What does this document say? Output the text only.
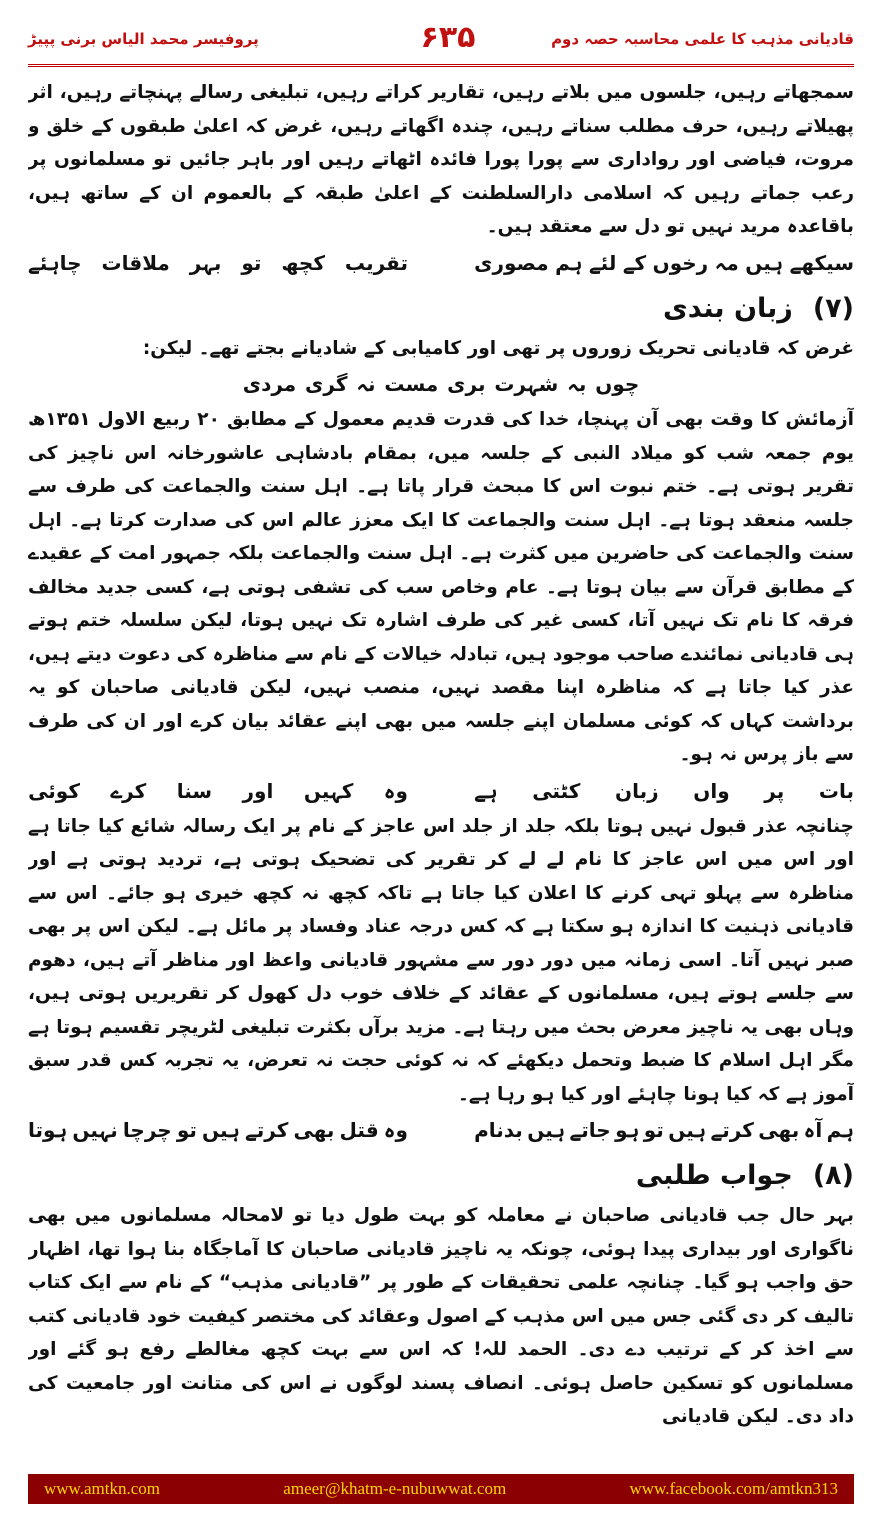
پروفیسر محمد الیاس برنی پپیڑ	۶۳۵	قادیانی مذہب کا علمی محاسبہ حصہ دوم

سمجھاتے رہیں، جلسوں میں بلاتے رہیں، تقاریر کراتے رہیں، تبلیغی رسالے پہنچاتے رہیں، اثر پھیلاتے رہیں، حرف مطلب سناتے رہیں، چندہ اگھاتے رہیں، غرض کہ اعلیٰ طبقوں کے خلق و مروت، فیاضی اور رواداری سے پورا پورا فائدہ اٹھاتے رہیں اور باہر جائیں تو مسلمانوں پر رعب جماتے رہیں کہ اسلامی دارالسلطنت کے اعلیٰ طبقہ کے بالعموم ان کے ساتھ ہیں، باقاعدہ مرید نہیں تو دل سے معتقد ہیں۔

سیکھے
ہیں
مہ
رخوں
کے
لئے
ہم
مصوری
تقریب
کچھ
تو
بہر
ملاقات
چاہئے
(۷)زبان بندی

غرض کہ قادیانی تحریک زوروں پر تھی اور کامیابی کے شادیانے بجتے تھے۔ لیکن:

چوں
بہ
شہرت
بری
مست
نہ
گری
مردی

آزمائش کا وقت بھی آن پہنچا، خدا کی قدرت قدیم معمول کے مطابق ۲۰ ربیع الاول ۱۳۵۱ھ یوم جمعہ شب کو میلاد النبی کے جلسہ میں، بمقام بادشاہی عاشورخانہ اس ناچیز کی تقریر ہوتی ہے۔ ختم نبوت اس کا مبحث قرار پاتا ہے۔ اہل سنت والجماعت کی طرف سے جلسہ منعقد ہوتا ہے۔ اہل سنت والجماعت کا ایک معزز عالم اس کی صدارت کرتا ہے۔ اہل سنت والجماعت کی حاضرین میں کثرت ہے۔ اہل سنت والجماعت بلکہ جمہور امت کے عقیدے کے مطابق قرآن سے بیان ہوتا ہے۔ عام وخاص سب کی تشفی ہوتی ہے، کسی جدید مخالف فرقہ کا نام تک نہیں آتا، کسی غیر کی طرف اشارہ تک نہیں ہوتا، لیکن سلسلہ ختم ہوتے ہی قادیانی نمائندے صاحب موجود ہیں، تبادلہ خیالات کے نام سے مناظرہ کی دعوت دیتے ہیں، عذر کیا جاتا ہے کہ مناظرہ اپنا مقصد نہیں، منصب نہیں، لیکن قادیانی صاحبان کو یہ برداشت کہاں کہ کوئی مسلمان اپنے جلسہ میں بھی اپنے عقائد بیان کرے اور ان کی طرف سے باز پرس نہ ہو۔

بات
پر
واں
زبان
کٹتی
ہے
وہ
کہیں
اور
سنا
کرے
کوئی

چنانچہ عذر قبول نہیں ہوتا بلکہ جلد از جلد اس عاجز کے نام پر ایک رسالہ شائع کیا جاتا ہے اور اس میں اس عاجز کا نام لے لے کر تقریر کی تضحیک ہوتی ہے، تردید ہوتی ہے اور مناظرہ سے پہلو تہی کرنے کا اعلان کیا جاتا ہے تاکہ کچھ نہ کچھ خیری ہو جائے۔ اس سے قادیانی ذہنیت کا اندازہ ہو سکتا ہے کہ کس درجہ عناد وفساد پر مائل ہے۔ لیکن اس پر بھی صبر نہیں آتا۔ اسی زمانہ میں دور دور سے مشہور قادیانی واعظ اور مناظر آتے ہیں، دھوم سے جلسے ہوتے ہیں، مسلمانوں کے عقائد کے خلاف خوب دل کھول کر تقریریں ہوتی ہیں، وہاں بھی یہ ناچیز معرض بحث میں رہتا ہے۔ مزید برآں بکثرت تبلیغی لٹریچر تقسیم ہوتا ہے مگر اہل اسلام کا ضبط وتحمل دیکھئے کہ نہ کوئی حجت نہ تعرض، یہ تجربہ کس قدر سبق آموز ہے کہ کیا ہونا چاہئے اور کیا ہو رہا ہے۔

ہم
آہ
بھی
کرتے
ہیں
تو
ہو
جاتے
ہیں
بدنام
وہ
قتل
بھی
کرتے
ہیں
تو
چرچا
نہیں
ہوتا
(۸)جواب طلبی

بہر حال جب قادیانی صاحبان نے معاملہ کو بہت طول دیا تو لامحالہ مسلمانوں میں بھی ناگواری اور بیداری پیدا ہوئی، چونکہ یہ ناچیز قادیانی صاحبان کا آماجگاہ بنا ہوا تھا، اظہار حق واجب ہو گیا۔ چنانچہ علمی تحقیقات کے طور پر ”قادیانی مذہب“ کے نام سے ایک کتاب تالیف کر دی گئی جس میں اس مذہب کے اصول وعقائد کی مختصر کیفیت خود قادیانی کتب سے اخذ کر کے ترتیب دے دی۔ الحمد للہ! کہ اس سے بہت کچھ مغالطے رفع ہو گئے اور مسلمانوں کو تسکین حاصل ہوئی۔ انصاف پسند لوگوں نے اس کی متانت اور جامعیت کی داد دی۔ لیکن قادیانی

www.amtkn.com	ameer@khatm-e-nubuwwat.com	www.facebook.com/amtkn313
